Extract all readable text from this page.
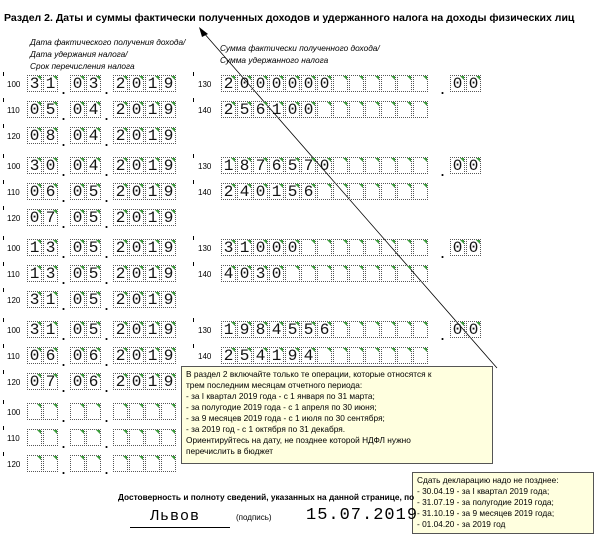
Раздел 2. Даты и суммы фактически полученных доходов и удержанного налога на доходы физических лиц
Дата фактического получения дохода/
Дата удержания налога/
Срок перечисления налога
Сумма фактически полученного дохода/
Сумма удержанного налога
100 3 1 . 0 3 . 2 0 1 9	130 2 0 0 0 0 0 0	. 0 0
110 0 5 . 0 4 . 2 0 1 9	140 2 5 6 1 0 0
120 0 8 . 0 4 . 2 0 1 9
100 3 0 . 0 4 . 2 0 1 9	130 1 8 7 6 5 7 0	. 0 0
110 0 6 . 0 5 . 2 0 1 9	140 2 4 0 1 5 6
120 0 7 . 0 5 . 2 0 1 9
100 1 3 . 0 5 . 2 0 1 9	130 3 1 0 0 0	. 0 0
110 1 3 . 0 5 . 2 0 1 9	140 4 0 3 0
120 3 1 . 0 5 . 2 0 1 9
100 3 1 . 0 5 . 2 0 1 9	130 1 9 8 4 5 5 6	. 0 0
110 0 6 . 0 6 . 2 0 1 9	140 2 5 4 1 9 4
120 0 7 . 0 6 . 2 0 1 9
100 . .
110 . .
120 . .
В раздел 2 включайте только те операции, которые относятся к
трем последним месяцам отчетного периода:
- за I квартал 2019 года - с 1 января по 31 марта;
- за полугодие 2019 года - с 1 апреля по 30 июня;
- за 9 месяцев 2019 года - с 1 июля по 30 сентября;
- за 2019 год - с 1 октября по 31 декабря.
Ориентируйтесь на дату, не позднее которой НДФЛ нужно
перечислить в бюджет
Сдать декларацию надо не позднее:
- 30.04.19 - за I квартал 2019 года;
- 31.07.19 - за полугодие 2019 года;
- 31.10.19 - за 9 месяцев 2019 года;
- 01.04.20 - за 2019 год
Достоверность и полноту сведений, указанных на данной странице, по
Львов	(подпись) 15.07.2019
